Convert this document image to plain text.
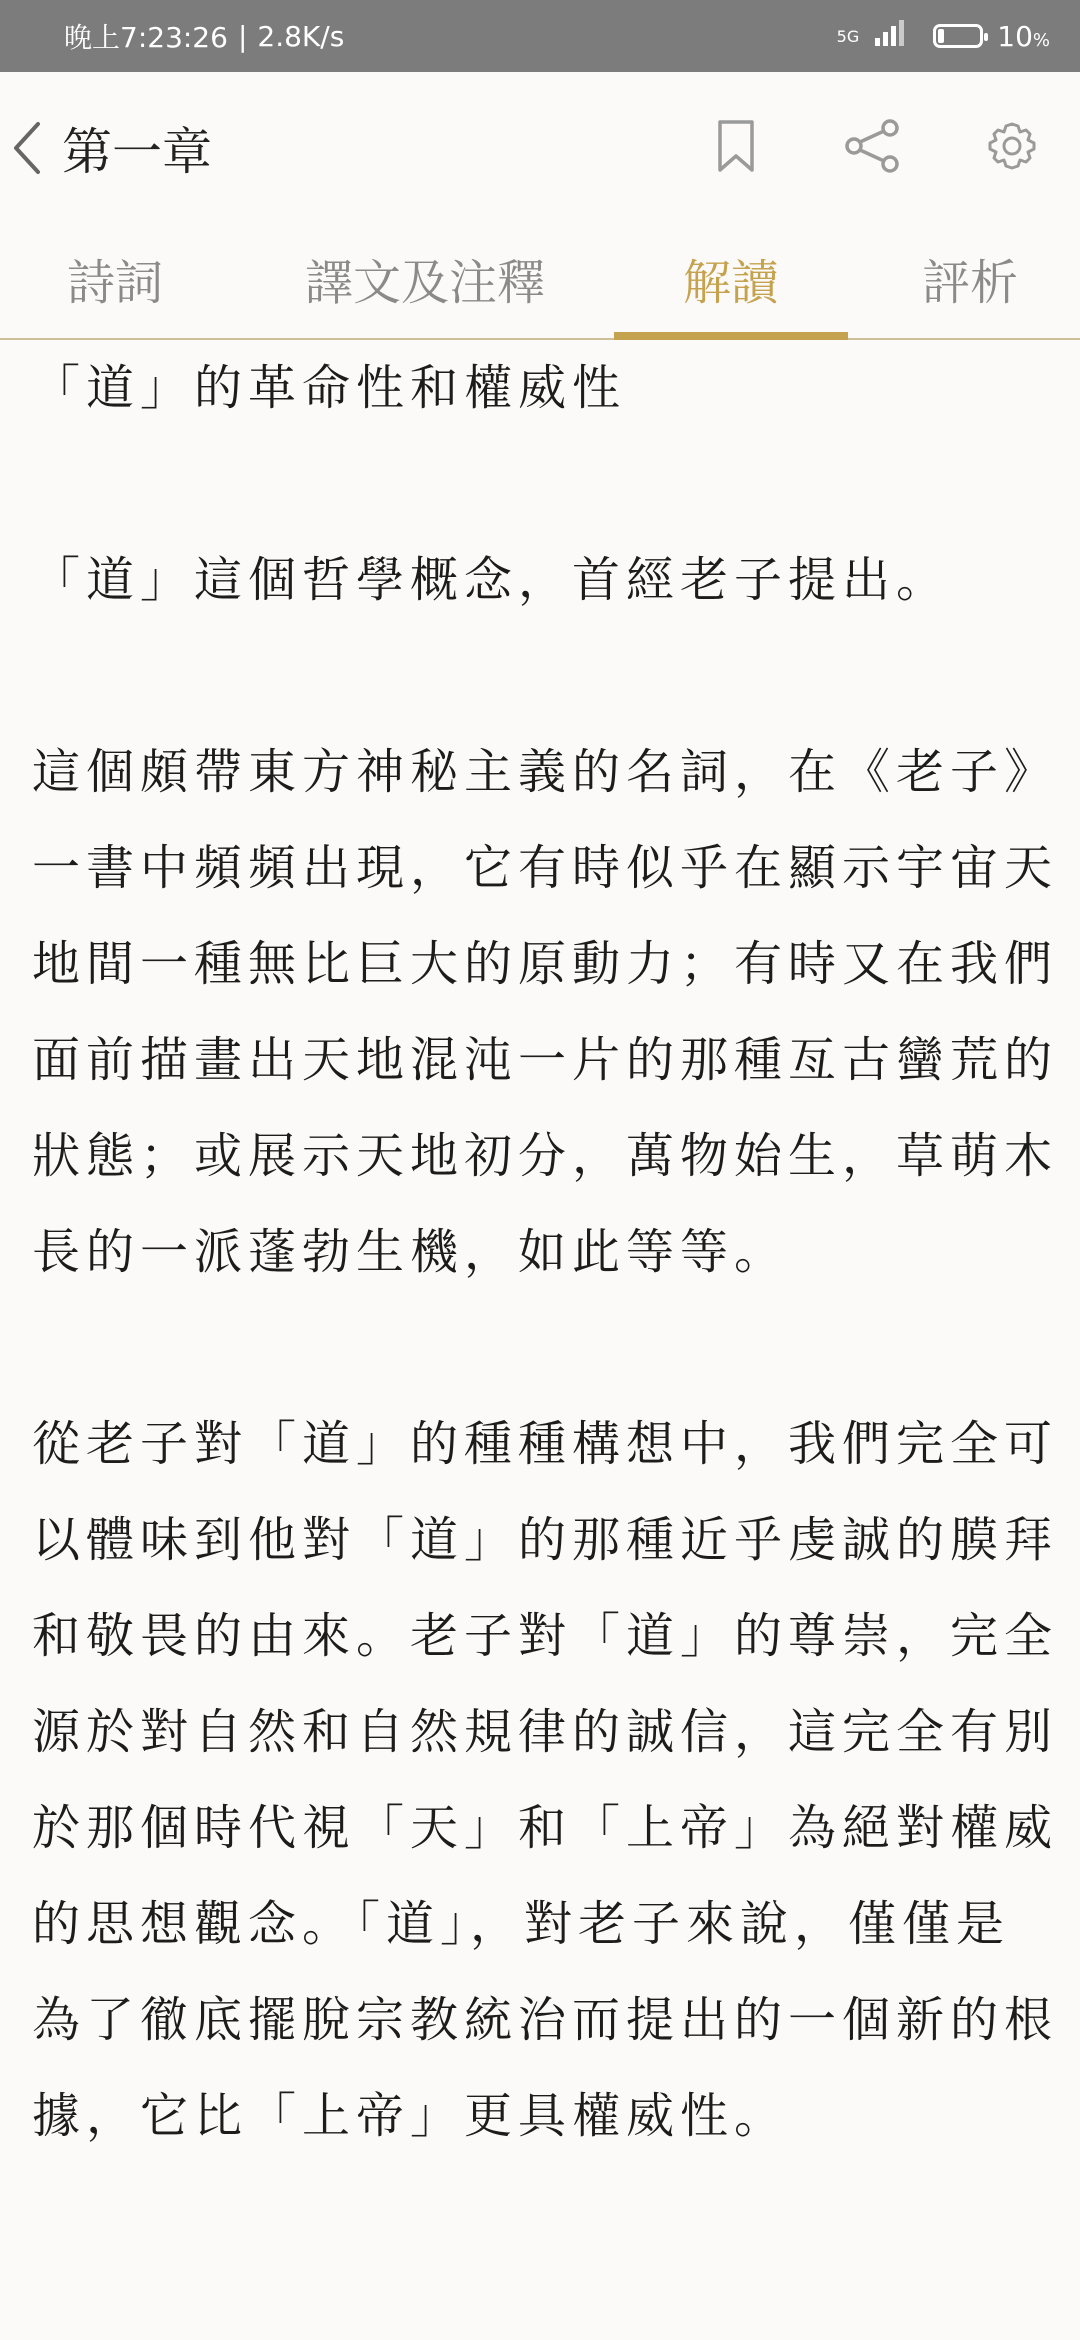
晚上7:23:26 | 2.8K/s	5G	10%
第一章
詩詞	譯文及注釋	解讀	評析

「道」的革命性和權威性

「道」這個哲學概念，首經老子提出。

這個頗帶東方神秘主義的名詞，在《老子》一書中頻頻出現，它有時似乎在顯示宇宙天地間一種無比巨大的原動力；有時又在我們面前描畫出天地混沌一片的那種亙古蠻荒的狀態；或展示天地初分，萬物始生，草萌木長的一派蓬勃生機，如此等等。

從老子對「道」的種種構想中，我們完全可以體味到他對「道」的那種近乎虔誠的膜拜和敬畏的由來。老子對「道」的尊崇，完全源於對自然和自然規律的誠信，這完全有別於那個時代視「天」和「上帝」為絕對權威的思想觀念。「道」，對老子來說，僅僅是為了徹底擺脫宗教統治而提出的一個新的根據，它比「上帝」更具權威性。
